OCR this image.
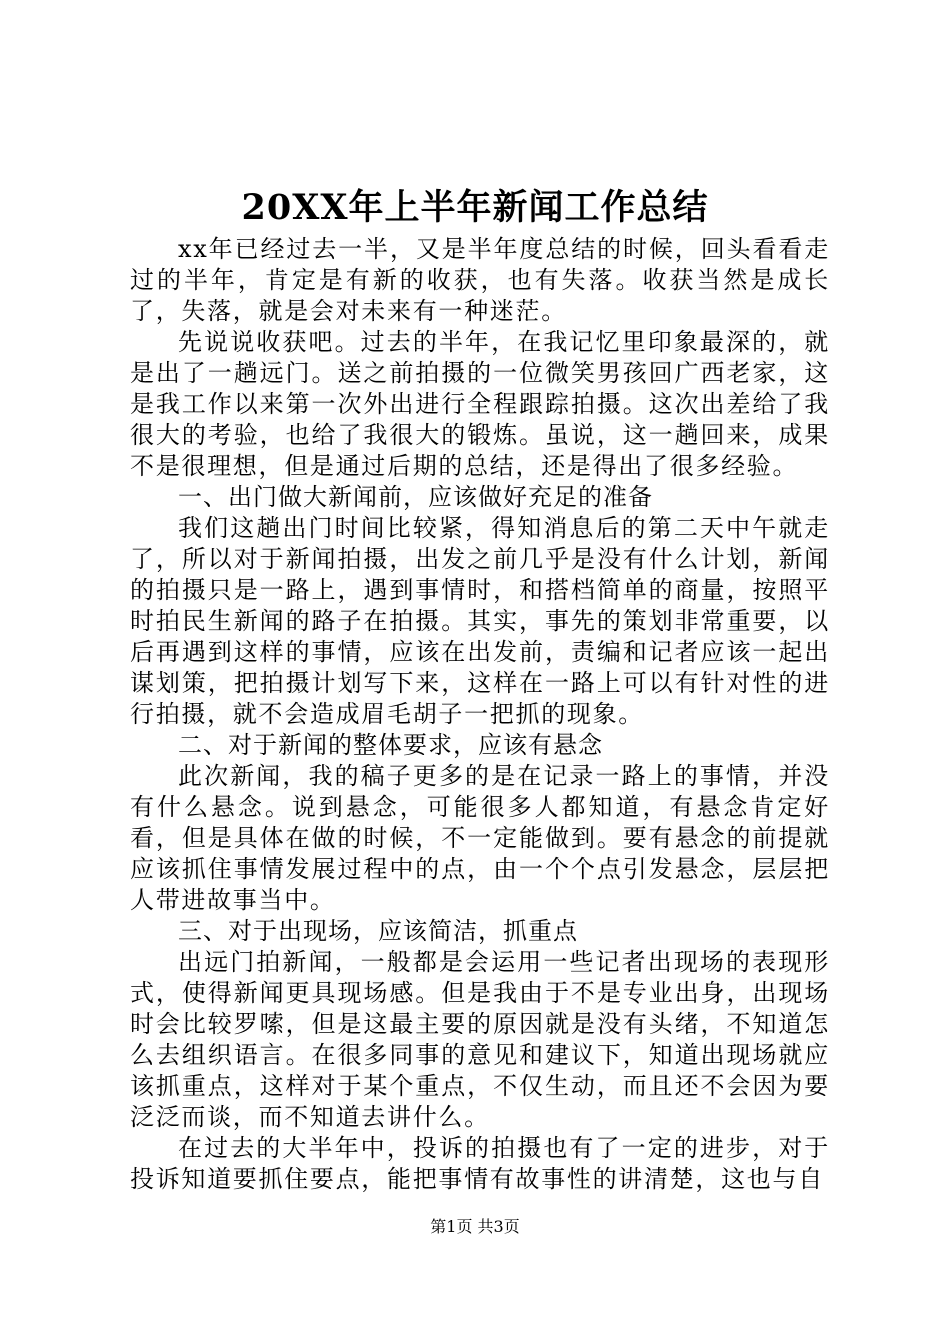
20XX年上半年新闻工作总结

xx年已经过去一半，又是半年度总结的时候，回头看看走过的半年，肯定是有新的收获，也有失落。收获当然是成长了，失落，就是会对未来有一种迷茫。

先说说收获吧。过去的半年，在我记忆里印象最深的，就是出了一趟远门。送之前拍摄的一位微笑男孩回广西老家，这是我工作以来第一次外出进行全程跟踪拍摄。这次出差给了我很大的考验，也给了我很大的锻炼。虽说，这一趟回来，成果不是很理想，但是通过后期的总结，还是得出了很多经验。

一、出门做大新闻前，应该做好充足的准备

我们这趟出门时间比较紧，得知消息后的第二天中午就走了，所以对于新闻拍摄，出发之前几乎是没有什么计划，新闻的拍摄只是一路上，遇到事情时，和搭档简单的商量，按照平时拍民生新闻的路子在拍摄。其实，事先的策划非常重要，以后再遇到这样的事情，应该在出发前，责编和记者应该一起出谋划策，把拍摄计划写下来，这样在一路上可以有针对性的进行拍摄，就不会造成眉毛胡子一把抓的现象。

二、对于新闻的整体要求，应该有悬念

此次新闻，我的稿子更多的是在记录一路上的事情，并没有什么悬念。说到悬念，可能很多人都知道，有悬念肯定好看，但是具体在做的时候，不一定能做到。要有悬念的前提就应该抓住事情发展过程中的点，由一个个点引发悬念，层层把人带进故事当中。

三、对于出现场，应该简洁，抓重点

出远门拍新闻，一般都是会运用一些记者出现场的表现形式，使得新闻更具现场感。但是我由于不是专业出身，出现场时会比较罗嗦，但是这最主要的原因就是没有头绪，不知道怎么去组织语言。在很多同事的意见和建议下，知道出现场就应该抓重点，这样对于某个重点，不仅生动，而且还不会因为要泛泛而谈，而不知道去讲什么。

在过去的大半年中，投诉的拍摄也有了一定的进步，对于投诉知道要抓住要点，能把事情有故事性的讲清楚，这也与自

第1页 共3页
